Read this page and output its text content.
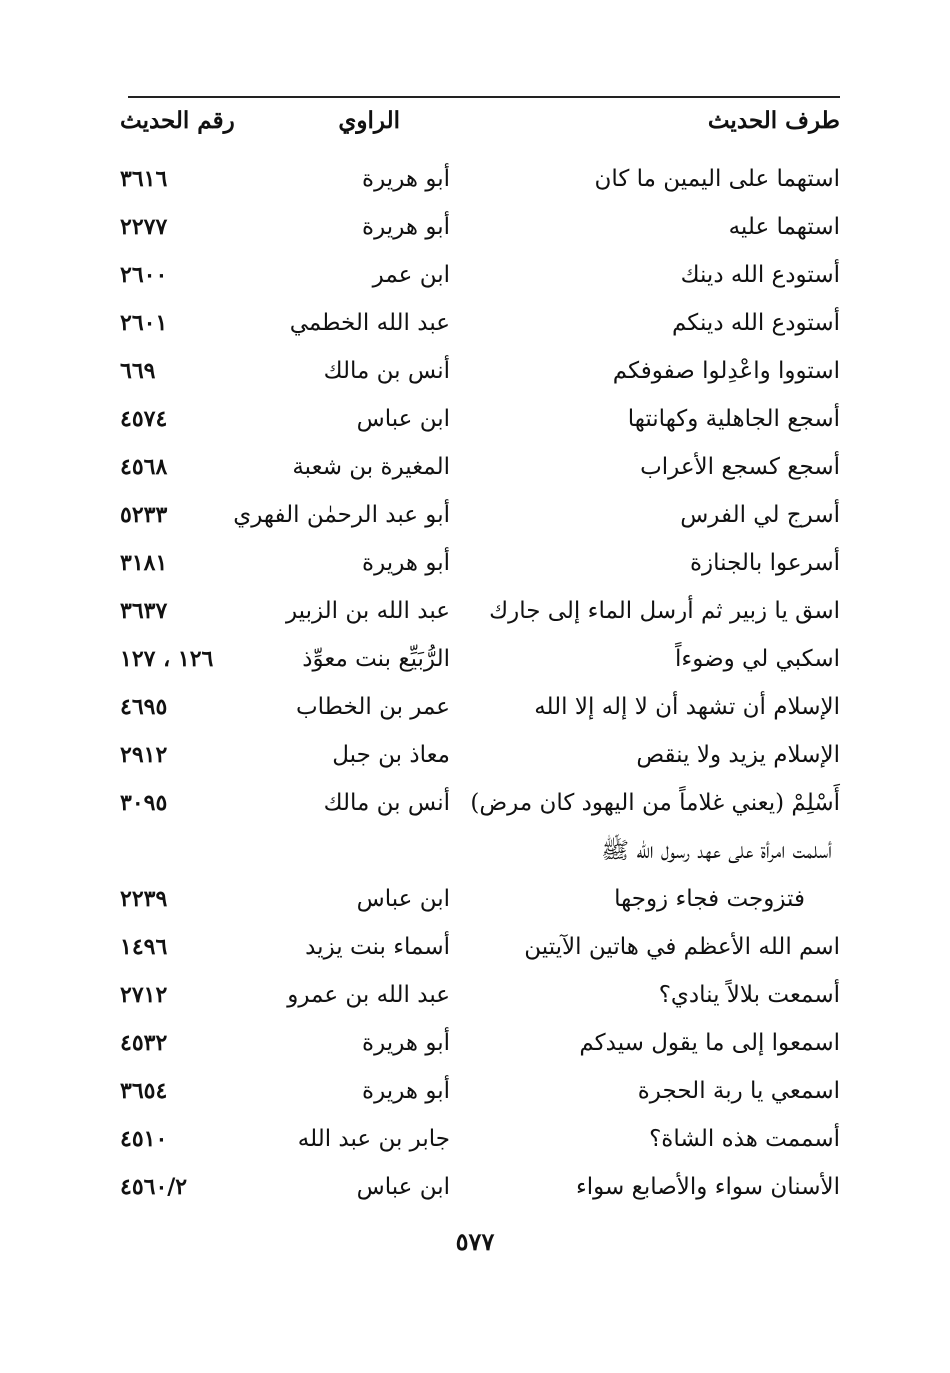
طرف الحديث
الراوي
رقم الحديث
استهما على اليمين ما كان
أبو هريرة
٣٦١٦
استهما عليه
أبو هريرة
٢٢٧٧
أستودع الله دينك
ابن عمر
٢٦٠٠
أستودع الله دينكم
عبد الله الخطمي
٢٦٠١
استووا واعْدِلوا صفوفكم
أنس بن مالك
٦٦٩
أسجع الجاهلية وكهانتها
ابن عباس
٤٥٧٤
أسجع كسجع الأعراب
المغيرة بن شعبة
٤٥٦٨
أسرج لي الفرس
أبو عبد الرحمٰن الفهري
٥٢٣٣
أسرعوا بالجنازة
أبو هريرة
٣١٨١
اسق يا زبير ثم أرسل الماء إلى جارك
عبد الله بن الزبير
٣٦٣٧
اسكبي لي وضوءاً
الرُّبَيِّع بنت معوِّذ
١٢٦ ، ١٢٧
الإسلام أن تشهد أن لا إله إلا الله
عمر بن الخطاب
٤٦٩٥
الإسلام يزيد ولا ينقص
معاذ بن جبل
٢٩١٢
أَسْلِمْ (يعني غلاماً من اليهود كان مرض)
أنس بن مالك
٣٠٩٥
أسلمت امرأة على عهد رسول الله ﷺ
فتزوجت فجاء زوجها
ابن عباس
٢٢٣٩
اسم الله الأعظم في هاتين الآيتين
أسماء بنت يزيد
١٤٩٦
أسمعت بلالاً ينادي؟
عبد الله بن عمرو
٢٧١٢
اسمعوا إلى ما يقول سيدكم
أبو هريرة
٤٥٣٢
اسمعي يا ربة الحجرة
أبو هريرة
٣٦٥٤
أسممت هذه الشاة؟
جابر بن عبد الله
٤٥١٠
الأسنان سواء والأصابع سواء
ابن عباس
٤٥٦٠/٢
٥٧٧
